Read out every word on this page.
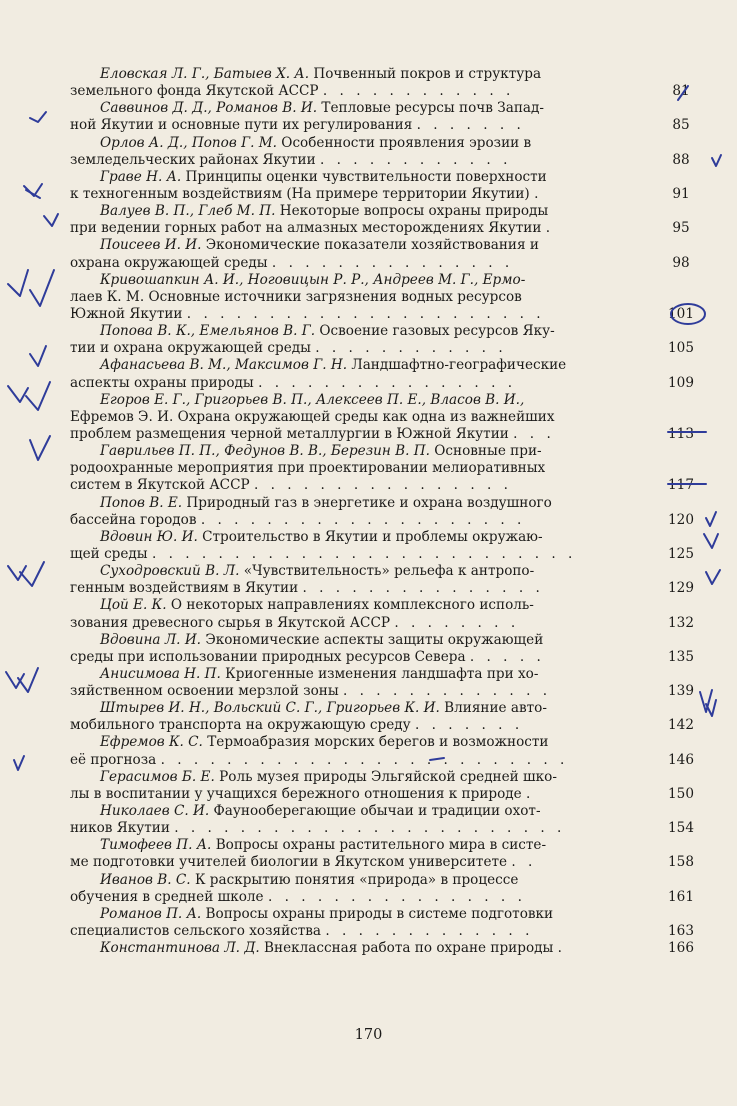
Еловская Л. Г., Батыев Х. А. Почвенный покров и структура
земельного фонда Якутской АССР . . . . . . . . . . . .	81
Саввинов Д. Д., Романов В. И. Тепловые ресурсы почв Запад-
ной Якутии и основные пути их регулирования . . . . . . .	85
Орлов А. Д., Попов Г. М. Особенности проявления эрозии в
земледельческих районах Якутии . . . . . . . . . . . .	88
Граве Н. А. Принципы оценки чувствительности поверхности
к техногенным воздействиям (На примере территории Якутии) .	91
Валуев В. П., Глеб М. П. Некоторые вопросы охраны природы
при ведении горных работ на алмазных месторождениях Якутии .	95
Поисеев И. И. Экономические показатели хозяйствования и
охрана окружающей среды . . . . . . . . . . . . . . .	98
Кривошапкин А. И., Ноговицын Р. Р., Андреев М. Г., Ермо-
лаев К. М. Основные источники загрязнения водных ресурсов
Южной Якутии . . . . . . . . . . . . . . . . . . . . . .	101
Попова В. К., Емельянов В. Г. Освоение газовых ресурсов Яку-
тии и охрана окружающей среды . . . . . . . . . . . .	105
Афанасьева В. М., Максимов Г. Н. Ландшафтно-географические
аспекты охраны природы . . . . . . . . . . . . . . . .	109
Егоров Е. Г., Григорьев В. П., Алексеев П. Е., Власов В. И.,
Ефремов Э. И. Охрана окружающей среды как одна из важнейших
проблем размещения черной металлургии в Южной Якутии . . .	113
Гаврильев П. П., Федунов В. В., Березин В. П. Основные при-
родоохранные мероприятия при проектировании мелиоративных
систем в Якутской АССР . . . . . . . . . . . . . . . .	117
Попов В. Е. Природный газ в энергетике и охрана воздушного
бассейна городов . . . . . . . . . . . . . . . . . . . .	120
Вдовин Ю. И. Строительство в Якутии и проблемы окружаю-
щей среды . . . . . . . . . . . . . . . . . . . . . . . . . .	125
Суходровский В. Л. «Чувствительность» рельефа к антропо-
генным воздействиям в Якутии . . . . . . . . . . . . . . .	129
Цой Е. К. О некоторых направлениях комплексного исполь-
зования древесного сырья в Якутской АССР . . . . . . . .	132
Вдовина Л. И. Экономические аспекты защиты окружающей
среды при использовании природных ресурсов Севера . . . . .	135
Анисимова Н. П. Криогенные изменения ландшафта при хо-
зяйственном освоении мерзлой зоны . . . . . . . . . . . . .	139
Штырев И. Н., Вольский С. Г., Григорьев К. И. Влияние авто-
мобильного транспорта на окружающую среду . . . . . . .	142
Ефремов К. С. Термоабразия морских берегов и возможности
её прогноза . . . . . . . . . . . . . . . . . . . . . . . . .	146
Герасимов Б. Е. Роль музея природы Эльгяйской средней шко-
лы в воспитании у учащихся бережного отношения к природе .	150
Николаев С. И. Фаунооберегающие обычаи и традиции охот-
ников Якутии . . . . . . . . . . . . . . . . . . . . . . . .	154
Тимофеев П. А. Вопросы охраны растительного мира в систе-
ме подготовки учителей биологии в Якутском университете . .	158
Иванов В. С. К раскрытию понятия «природа» в процессе
обучения в средней школе . . . . . . . . . . . . . . . .	161
Романов П. А. Вопросы охраны природы в системе подготовки
специалистов сельского хозяйства . . . . . . . . . . . . .	163
Константинова Л. Д. Внеклассная работа по охране природы .	166
170
